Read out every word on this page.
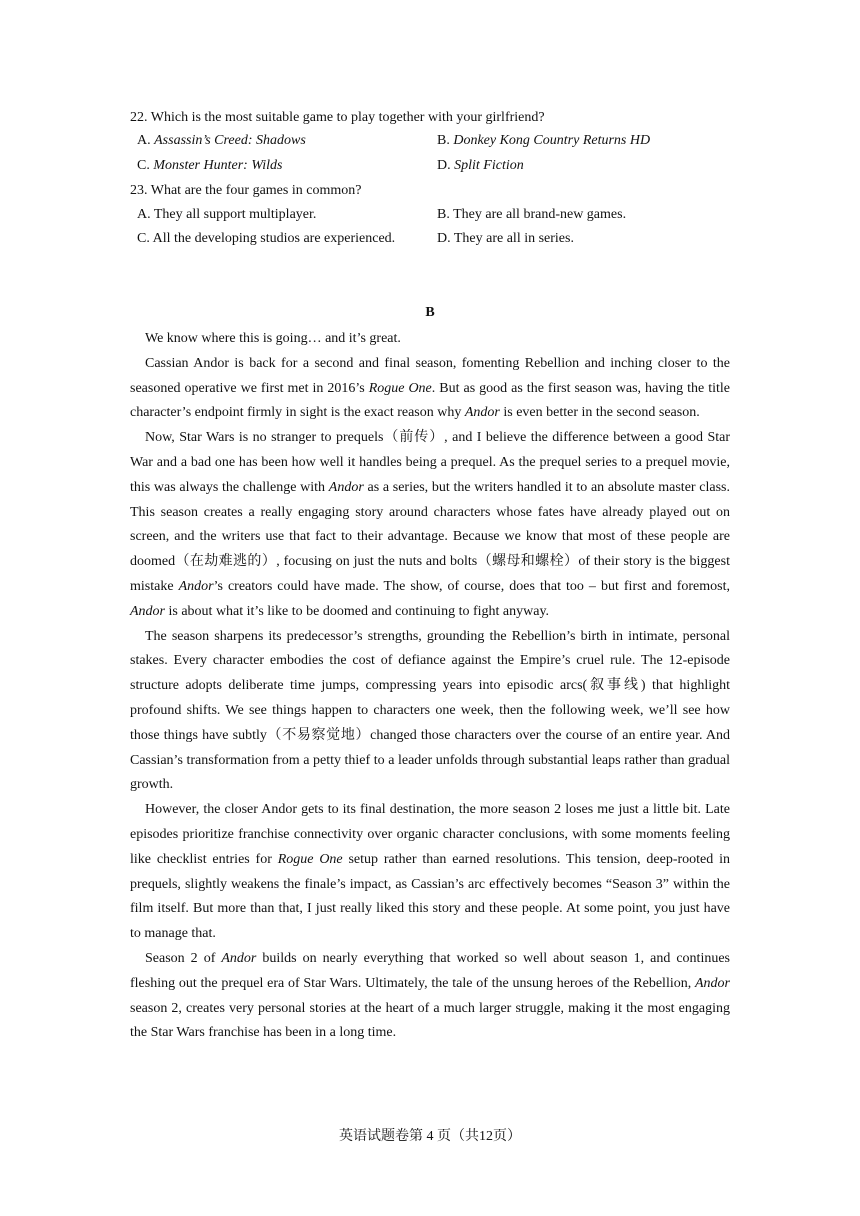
22. Which is the most suitable game to play together with your girlfriend?
A. Assassin’s Creed: Shadows	B. Donkey Kong Country Returns HD
C. Monster Hunter: Wilds	D. Split Fiction
23. What are the four games in common?
A. They all support multiplayer.	B. They are all brand-new games.
C. All the developing studios are experienced.	D. They are all in series.
B

We know where this is going… and it’s great.

Cassian Andor is back for a second and final season, fomenting Rebellion and inching closer to the seasoned operative we first met in 2016’s Rogue One. But as good as the first season was, having the title character’s endpoint firmly in sight is the exact reason why Andor is even better in the second season.

Now, Star Wars is no stranger to prequels（前传）, and I believe the difference between a good Star War and a bad one has been how well it handles being a prequel. As the prequel series to a prequel movie, this was always the challenge with Andor as a series, but the writers handled it to an absolute master class. This season creates a really engaging story around characters whose fates have already played out on screen, and the writers use that fact to their advantage. Because we know that most of these people are doomed（在劫难逃的）, focusing on just the nuts and bolts（螺母和螺栓）of their story is the biggest mistake Andor’s creators could have made. The show, of course, does that too – but first and foremost, Andor is about what it’s like to be doomed and continuing to fight anyway.

The season sharpens its predecessor’s strengths, grounding the Rebellion’s birth in intimate, personal stakes. Every character embodies the cost of defiance against the Empire’s cruel rule. The 12-episode structure adopts deliberate time jumps, compressing years into episodic arcs(叙事线) that highlight profound shifts. We see things happen to characters one week, then the following week, we’ll see how those things have subtly（不易察觉地）changed those characters over the course of an entire year. And Cassian’s transformation from a petty thief to a leader unfolds through substantial leaps rather than gradual growth.

However, the closer Andor gets to its final destination, the more season 2 loses me just a little bit. Late episodes prioritize franchise connectivity over organic character conclusions, with some moments feeling like checklist entries for Rogue One setup rather than earned resolutions. This tension, deep-rooted in prequels, slightly weakens the finale’s impact, as Cassian’s arc effectively becomes “Season 3” within the film itself. But more than that, I just really liked this story and these people. At some point, you just have to manage that.

Season 2 of Andor builds on nearly everything that worked so well about season 1, and continues fleshing out the prequel era of Star Wars. Ultimately, the tale of the unsung heroes of the Rebellion, Andor season 2, creates very personal stories at the heart of a much larger struggle, making it the most engaging the Star Wars franchise has been in a long time.

英语试题卷第 4 页（共12页）
